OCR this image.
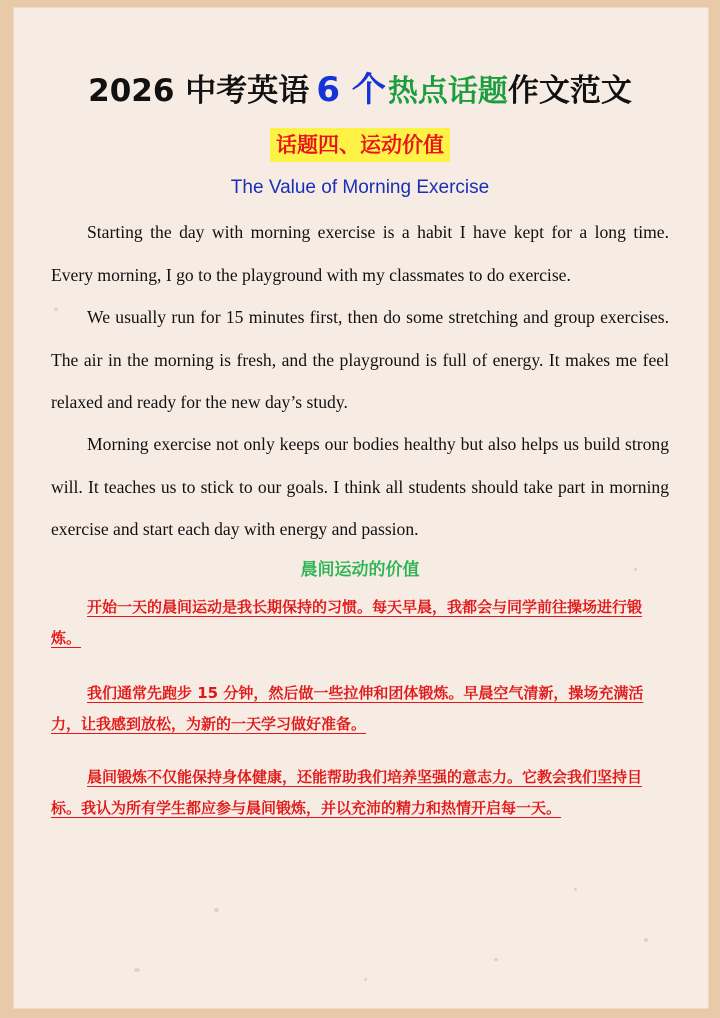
2026 中考英语 6 个热点话题作文范文
话题四、运动价值
The Value of Morning Exercise

Starting the day with morning exercise is a habit I have kept for a long time. Every morning, I go to the playground with my classmates to do exercise.

We usually run for 15 minutes first, then do some stretching and group exercises. The air in the morning is fresh, and the playground is full of energy. It makes me feel relaxed and ready for the new day’s study.

Morning exercise not only keeps our bodies healthy but also helps us build strong will. It teaches us to stick to our goals. I think all students should take part in morning exercise and start each day with energy and passion.

晨间运动的价值

开始一天的晨间运动是我长期保持的习惯。每天早晨，我都会与同学前往操场进行锻炼。

我们通常先跑步 15 分钟，然后做一些拉伸和团体锻炼。早晨空气清新，操场充满活力，让我感到放松，为新的一天学习做好准备。

晨间锻炼不仅能保持身体健康，还能帮助我们培养坚强的意志力。它教会我们坚持目标。我认为所有学生都应参与晨间锻炼，并以充沛的精力和热情开启每一天。
